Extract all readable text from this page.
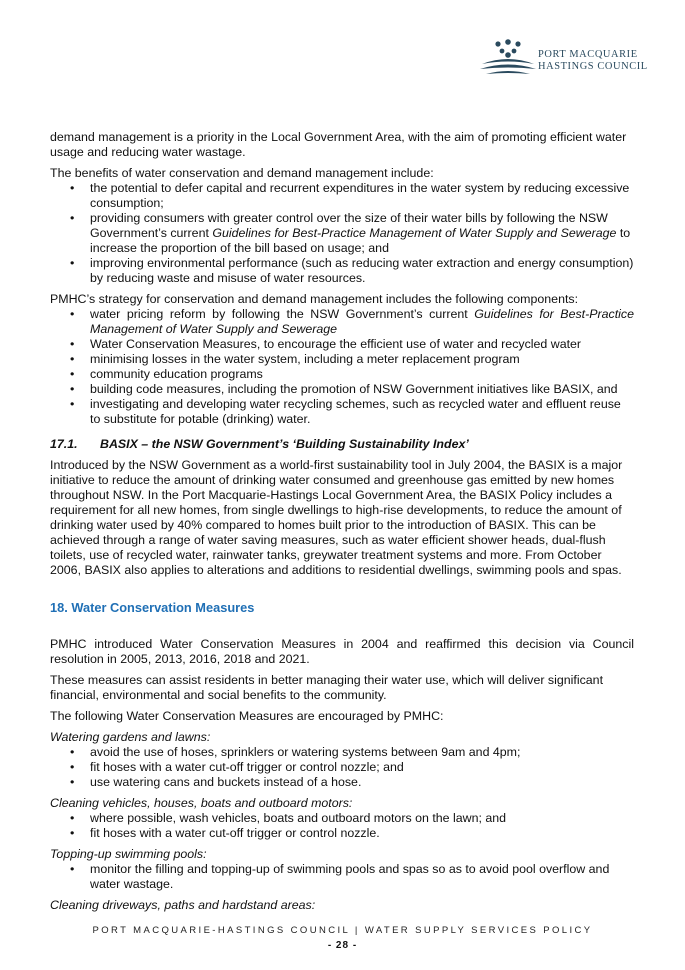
PORT MACQUARIE
HASTINGS COUNCIL

demand management is a priority in the Local Government Area, with the aim of promoting efficient water usage and reducing water wastage.

The benefits of water conservation and demand management include:

• the potential to defer capital and recurrent expenditures in the water system by reducing excessive consumption;
• providing consumers with greater control over the size of their water bills by following the NSW Government’s current Guidelines for Best-Practice Management of Water Supply and Sewerage to increase the proportion of the bill based on usage; and
• improving environmental performance (such as reducing water extraction and energy consumption) by reducing waste and misuse of water resources.

PMHC’s strategy for conservation and demand management includes the following components:

• water pricing reform by following the NSW Government’s current Guidelines for Best-Practice Management of Water Supply and Sewerage
• Water Conservation Measures, to encourage the efficient use of water and recycled water
• minimising losses in the water system, including a meter replacement program
• community education programs
• building code measures, including the promotion of NSW Government initiatives like BASIX, and
• investigating and developing water recycling schemes, such as recycled water and effluent reuse to substitute for potable (drinking) water.
17.1. BASIX – the NSW Government’s ‘Building Sustainability Index’

Introduced by the NSW Government as a world-first sustainability tool in July 2004, the BASIX is a major initiative to reduce the amount of drinking water consumed and greenhouse gas emitted by new homes throughout NSW. In the Port Macquarie-Hastings Local Government Area, the BASIX Policy includes a requirement for all new homes, from single dwellings to high-rise developments, to reduce the amount of drinking water used by 40% compared to homes built prior to the introduction of BASIX. This can be achieved through a range of water saving measures, such as water efficient shower heads, dual-flush toilets, use of recycled water, rainwater tanks, greywater treatment systems and more. From October 2006, BASIX also applies to alterations and additions to residential dwellings, swimming pools and spas.

18. Water Conservation Measures

PMHC introduced Water Conservation Measures in 2004 and reaffirmed this decision via Council resolution in 2005, 2013, 2016, 2018 and 2021.

These measures can assist residents in better managing their water use, which will deliver significant financial, environmental and social benefits to the community.

The following Water Conservation Measures are encouraged by PMHC:

Watering gardens and lawns:

• avoid the use of hoses, sprinklers or watering systems between 9am and 4pm;
• fit hoses with a water cut-off trigger or control nozzle; and
• use watering cans and buckets instead of a hose.

Cleaning vehicles, houses, boats and outboard motors:

• where possible, wash vehicles, boats and outboard motors on the lawn; and
• fit hoses with a water cut-off trigger or control nozzle.

Topping-up swimming pools:

• monitor the filling and topping-up of swimming pools and spas so as to avoid pool overflow and water wastage.

Cleaning driveways, paths and hardstand areas:

PORT MACQUARIE-HASTINGS COUNCIL | WATER SUPPLY SERVICES POLICY
- 28 -
